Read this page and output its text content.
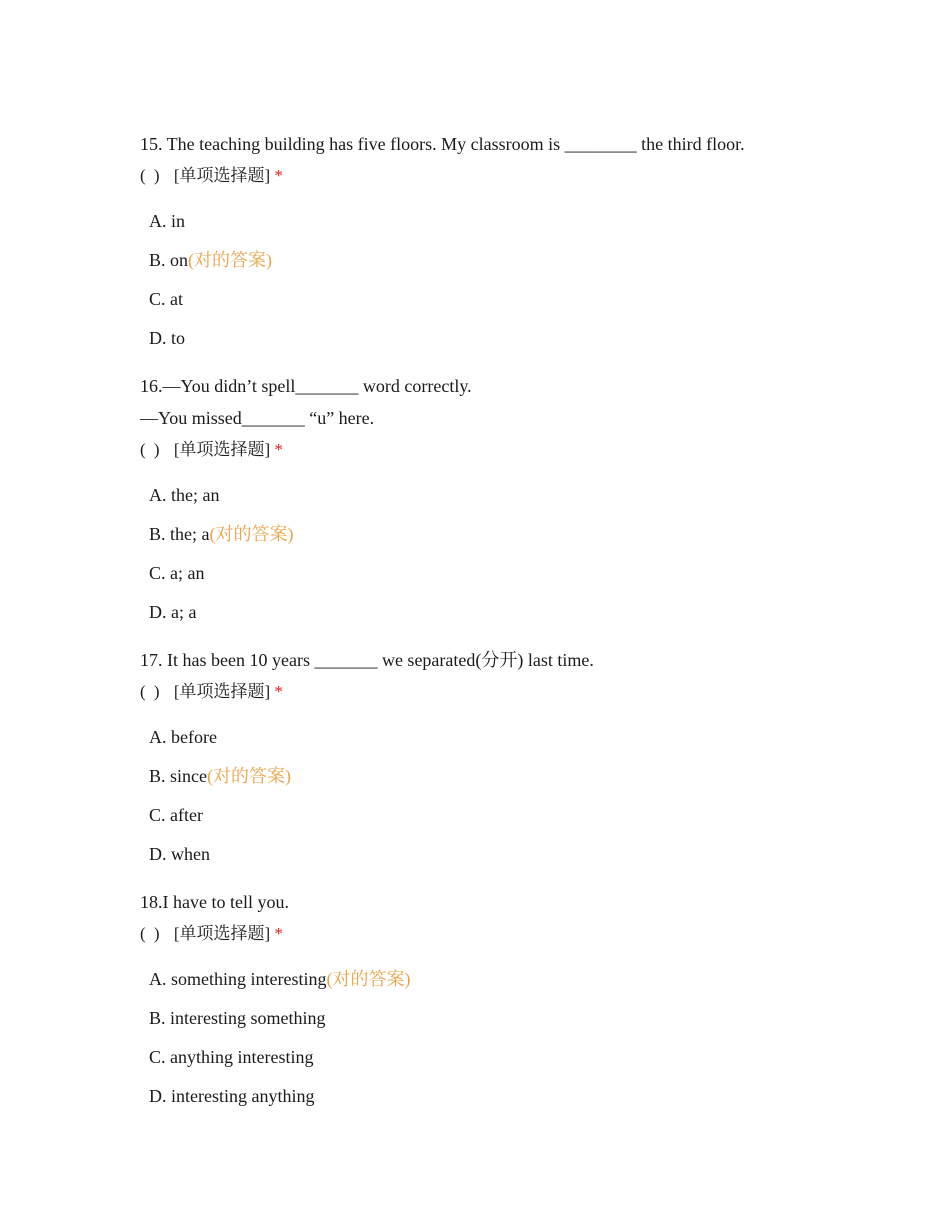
15. The teaching building has five floors. My classroom is ________ the third floor.
( ) [单项选择题] *
A. in
B. on(对的答案)
C. at
D. to
16.—You didn’t spell_______ word correctly.
—You missed_______ “u” here.
( ) [单项选择题] *
A. the; an
B. the; a(对的答案)
C. a; an
D. a; a
17. It has been 10 years _______ we separated(分开) last time.
( ) [单项选择题] *
A. before
B. since(对的答案)
C. after
D. when
18.I have to tell you.
( ) [单项选择题] *
A. something interesting(对的答案)
B. interesting something
C. anything interesting
D. interesting anything
